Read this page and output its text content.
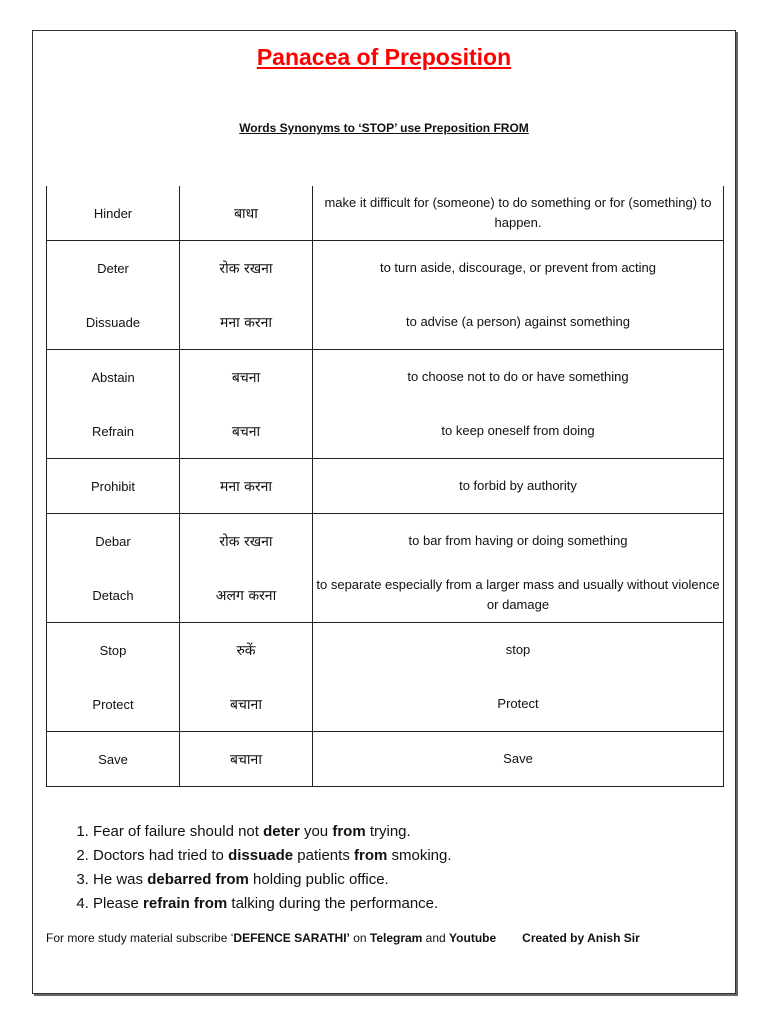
Panacea of Preposition
Words Synonyms to ‘STOP’ use Preposition FROM
Hinder	बाधा	make it difficult for (someone) to do something or for (something) to happen.
Deter	रोक रखना	to turn aside, discourage, or prevent from acting
Dissuade	मना करना	to advise (a person) against something
Abstain	बचना	to choose not to do or have something
Refrain	बचना	to keep oneself from doing
Prohibit	मना करना	to forbid by authority
Debar	रोक रखना	to bar from having or doing something
Detach	अलग करना	to separate especially from a larger mass and usually without violence or damage
Stop	रुकें	stop
Protect	बचाना	Protect
Save	बचाना	Save
1. Fear of failure should not deter you from trying.
2. Doctors had tried to dissuade patients from smoking.
3. He was debarred from holding public office.
4. Please refrain from talking during the performance.
For more study material subscribe ‘DEFENCE SARATHI’ on Telegram and Youtube Created by Anish Sir
